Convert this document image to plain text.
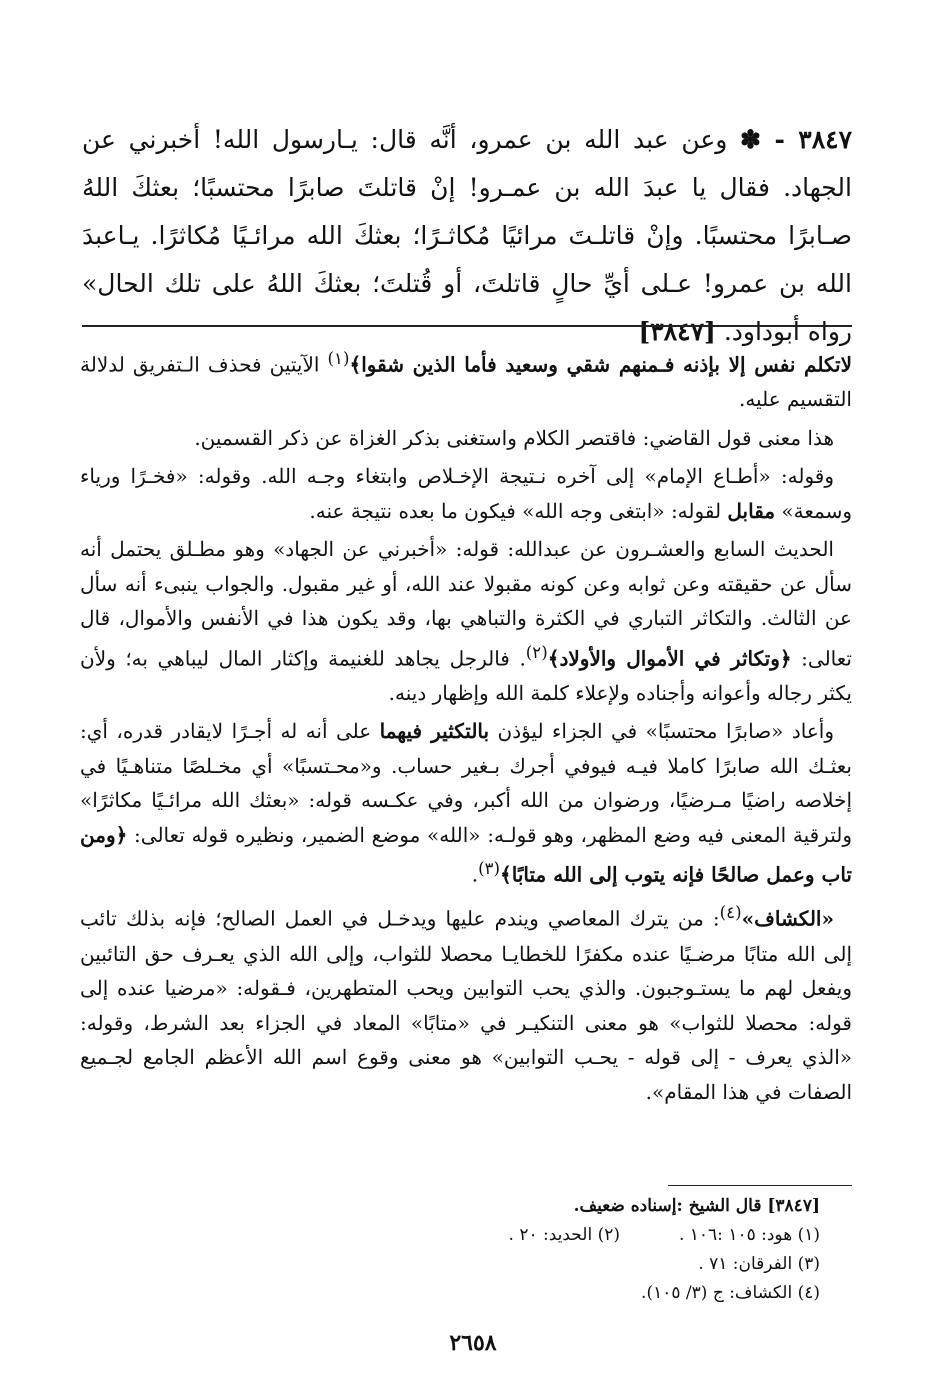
٣٨٤٧ - ✽ وعن عبد الله بن عمرو، أنَّه قال: يـارسول الله! أخبرني عن الجهاد. فقال يا عبدَ الله بن عمـرو! إنْ قاتلتَ صابرًا محتسبًا؛ بعثكَ اللهُ صـابرًا محتسبًا. وإنْ قاتلـتَ مرائيًا مُكاثـرًا؛ بعثكَ الله مرائـيًا مُكاثرًا. يـاعبدَ الله بن عمرو! عـلى أيِّ حالٍ قاتلتَ، أو قُتلتَ؛ بعثكَ اللهُ على تلك الحال» رواه أبوداود. [٣٨٤٧]

لاتكلم نفس إلا بإذنه فـمنهم شقي وسعيد فأما الذين شقوا﴾$^{(١)}$ الآيتين فحذف الـتفريق لدلالة التقسيم عليه.

هذا معنى قول القاضي: فاقتصر الكلام واستغنى بذكر الغزاة عن ذكر القسمين.

وقوله: «أطـاع الإمام» إلى آخره نـتيجة الإخـلاص وابتغاء وجـه الله. وقوله: «فخـرًا ورياء وسمعة» مقابل لقوله: «ابتغى وجه الله» فيكون ما بعده نتيجة عنه.

الحديث السابع والعشـرون عن عبدالله: قوله: «أخبرني عن الجهاد» وهو مطـلق يحتمل أنه سأل عن حقيقته وعن ثوابه وعن كونه مقبولا عند الله، أو غير مقبول. والجواب ينبىء أنه سأل عن الثالث. والتكاثر التباري في الكثرة والتباهي بها، وقد يكون هذا في الأنفس والأموال، قال تعالى: ﴿وتكاثر في الأموال والأولاد﴾$^{(٢)}$. فالرجل يجاهد للغنيمة وإكثار المال ليباهي به؛ ولأن يكثر رجاله وأعوانه وأجناده ولإعلاء كلمة الله وإظهار دينه.

وأعاد «صابرًا محتسبًا» في الجزاء ليؤذن بالتكثير فيهما على أنه له أجـرًا لايقادر قدره، أي: بعثـك الله صابرًا كاملا فيـه فيوفي أجرك بـغير حساب. و«محـتسبًا» أي مخـلصًا متناهـيًا في إخلاصه راضيًا مـرضيًا، ورضوان من الله أكبر، وفي عكـسه قوله: «بعثك الله مرائـيًا مكاثرًا» ولترقية المعنى فيه وضع المظهر، وهو قولـه: «الله» موضع الضمير، ونظيره قوله تعالى: ﴿ومن تاب وعمل صالحًا فإنه يتوب إلى الله متابًا﴾$^{(٣)}$.

«الكشاف»$^{(٤)}$: من يترك المعاصي ويندم عليها ويدخـل في العمل الصالح؛ فإنه بذلك تائب إلى الله متابًا مرضـيًا عنده مكفرًا للخطايـا محصلا للثواب، وإلى الله الذي يعـرف حق التائبين ويفعل لهم ما يستـوجبون. والذي يحب التوابين ويحب المتطهرين، فـقوله: «مرضيا عنده إلى قوله: محصلا للثواب» هو معنى التنكيـر في «متابًا» المعاد في الجزاء بعد الشرط، وقوله: «الذي يعرف - إلى قوله - يحـب التوابين» هو معنى وقوع اسم الله الأعظم الجامع لجـميع الصفات في هذا المقام».

[٣٨٤٧] قال الشيخ :إسناده ضعيف.
(١) هود: ١٠٥ :١٠٦ .
(٢) الحديد: ٢٠ .
(٣) الفرقان: ٧١ .
(٤) الكشاف: ج (٣/ ١٠٥).
٢٦٥٨
